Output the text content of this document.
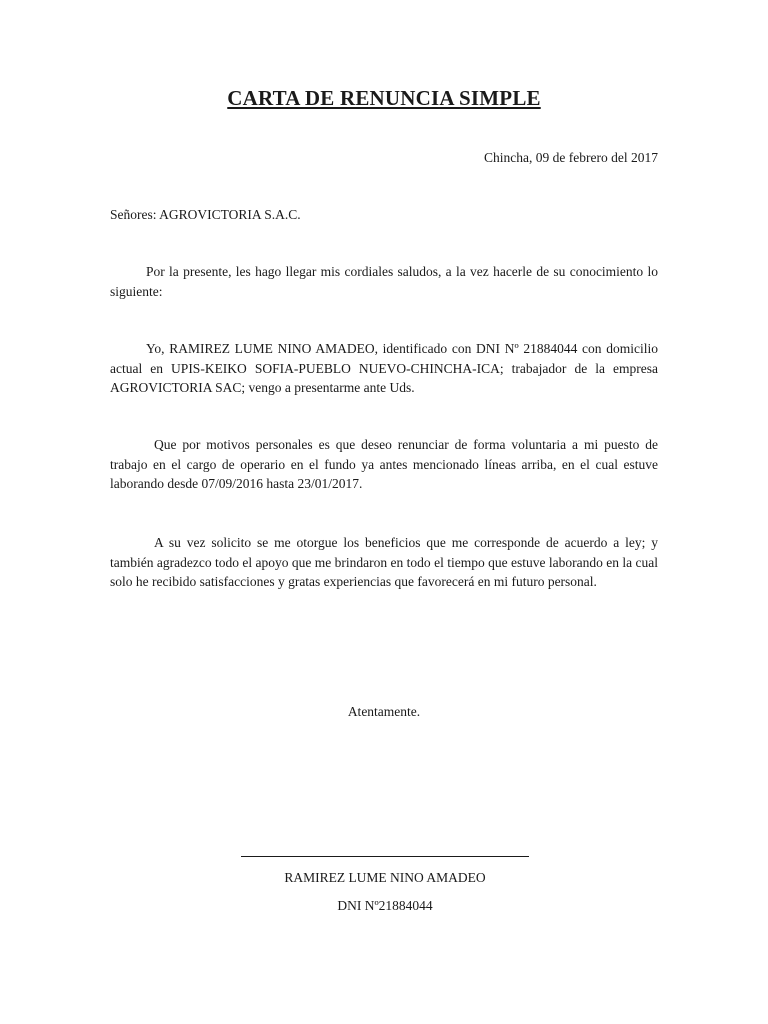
CARTA DE RENUNCIA SIMPLE
Chincha, 09 de febrero del 2017
Señores: AGROVICTORIA S.A.C.

Por la presente, les hago llegar mis cordiales saludos, a la vez hacerle de su conocimiento lo siguiente:

Yo, RAMIREZ LUME NINO AMADEO, identificado con DNI Nº 21884044 con domicilio actual en UPIS-KEIKO SOFIA-PUEBLO NUEVO-CHINCHA-ICA; trabajador de la empresa AGROVICTORIA SAC; vengo a presentarme ante Uds.

Que por motivos personales es que deseo renunciar de forma voluntaria a mi puesto de trabajo en el cargo de operario en el fundo ya antes mencionado líneas arriba, en el cual estuve laborando desde 07/09/2016 hasta 23/01/2017.

A su vez solicito se me otorgue los beneficios que me corresponde de acuerdo a ley; y también agradezco todo el apoyo que me brindaron en todo el tiempo que estuve laborando en la cual solo he recibido satisfacciones y gratas experiencias que favorecerá en mi futuro personal.

Atentamente.
RAMIREZ LUME NINO AMADEO
DNI Nº21884044
